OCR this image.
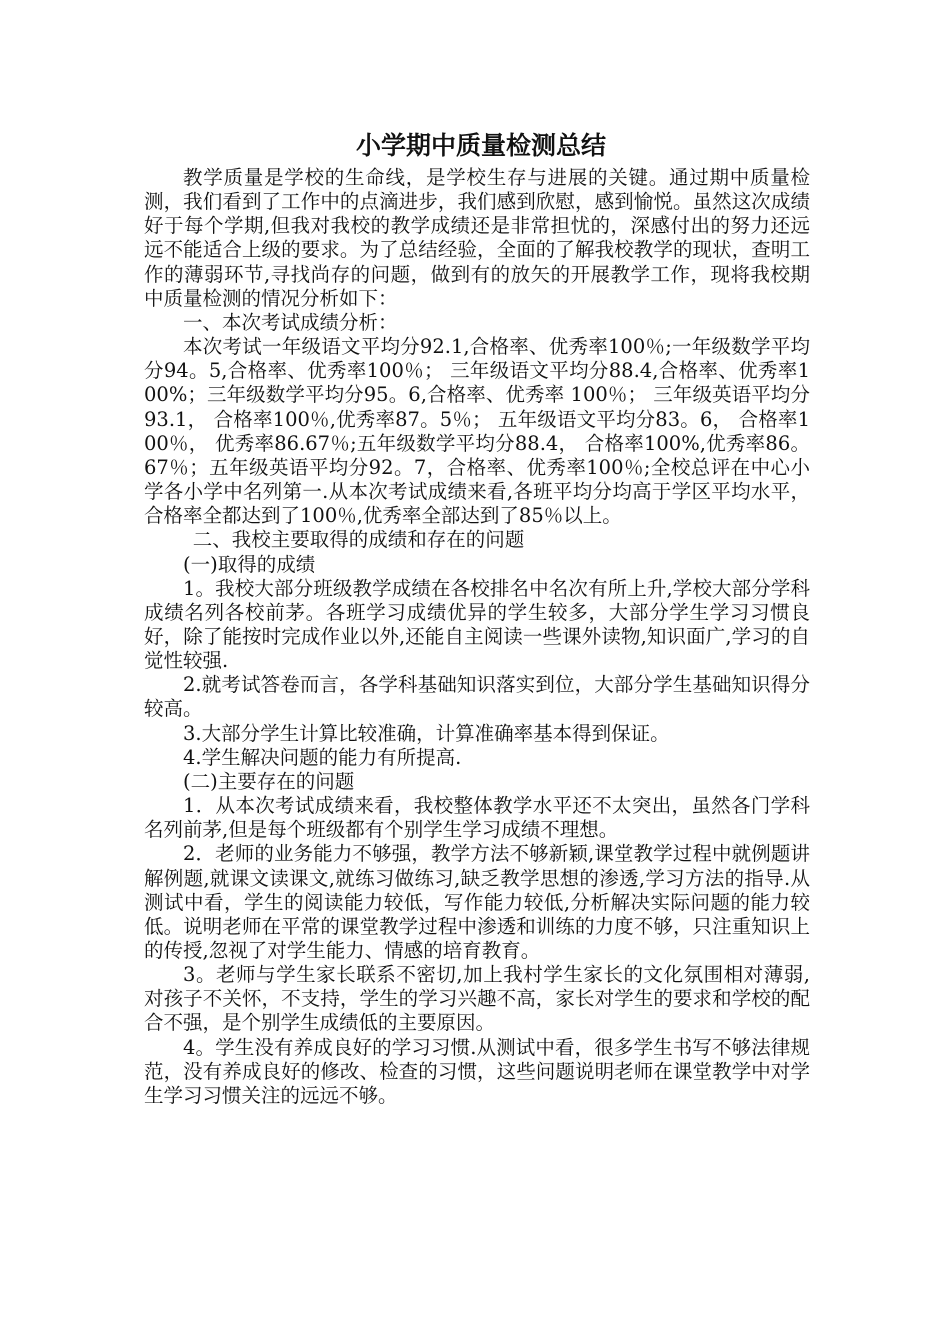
小学期中质量检测总结

教学质量是学校的生命线，是学校生存与进展的关键。通过期中质量检测，我们看到了工作中的点滴进步，我们感到欣慰，感到愉悦。虽然这次成绩好于每个学期,但我对我校的教学成绩还是非常担忧的，深感付出的努力还远远不能适合上级的要求。为了总结经验，全面的了解我校教学的现状，查明工作的薄弱环节,寻找尚存的问题，做到有的放矢的开展教学工作，现将我校期中质量检测的情况分析如下：

一、本次考试成绩分析：

本次考试一年级语文平均分92.1,合格率、优秀率100％;一年级数学平均分94。5,合格率、优秀率100％； 三年级语文平均分88.4,合格率、优秀率100%；三年级数学平均分95。6,合格率、优秀率 100％； 三年级英语平均分93.1， 合格率100％,优秀率87。5％； 五年级语文平均分83。6， 合格率100％， 优秀率86.67％;五年级数学平均分88.4， 合格率100%,优秀率86。67％；五年级英语平均分92。7，合格率、优秀率100％;全校总评在中心小学各小学中名列第一.从本次考试成绩来看,各班平均分均高于学区平均水平，合格率全都达到了100％,优秀率全部达到了85％以上。

二、我校主要取得的成绩和存在的问题

(一)取得的成绩

1。我校大部分班级教学成绩在各校排名中名次有所上升,学校大部分学科成绩名列各校前茅。各班学习成绩优异的学生较多，大部分学生学习习惯良好，除了能按时完成作业以外,还能自主阅读一些课外读物,知识面广,学习的自觉性较强.

2.就考试答卷而言，各学科基础知识落实到位，大部分学生基础知识得分较高。

3.大部分学生计算比较准确，计算准确率基本得到保证。

4.学生解决问题的能力有所提高.

(二)主要存在的问题

1．从本次考试成绩来看，我校整体教学水平还不太突出，虽然各门学科名列前茅,但是每个班级都有个别学生学习成绩不理想。

2．老师的业务能力不够强，教学方法不够新颖,课堂教学过程中就例题讲解例题,就课文读课文,就练习做练习,缺乏教学思想的渗透,学习方法的指导.从测试中看，学生的阅读能力较低，写作能力较低,分析解决实际问题的能力较低。说明老师在平常的课堂教学过程中渗透和训练的力度不够，只注重知识上的传授,忽视了对学生能力、情感的培育教育。

3。老师与学生家长联系不密切,加上我村学生家长的文化氛围相对薄弱,对孩子不关怀，不支持，学生的学习兴趣不高，家长对学生的要求和学校的配合不强，是个别学生成绩低的主要原因。

4。学生没有养成良好的学习习惯.从测试中看，很多学生书写不够法律规范，没有养成良好的修改、检查的习惯，这些问题说明老师在课堂教学中对学生学习习惯关注的远远不够。
